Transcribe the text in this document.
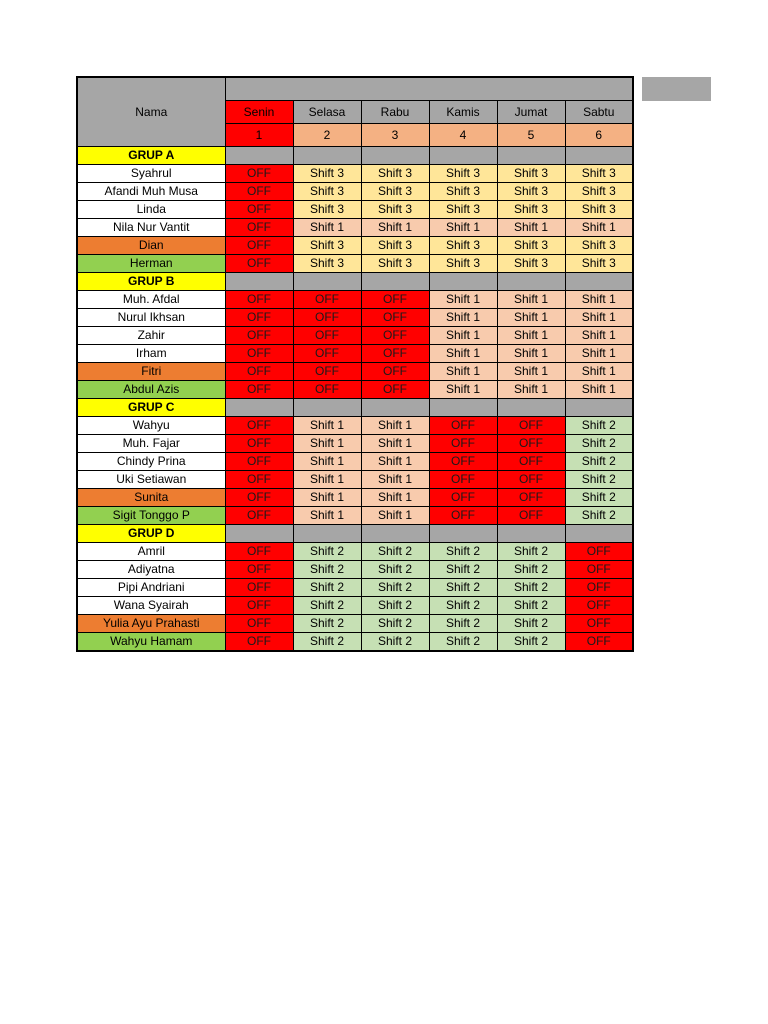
Nama						
	Senin	Selasa	Rabu	Kamis	Jumat	Sabtu
	1	2	3	4	5	6
GRUP A						
Syahrul	OFF	Shift 3	Shift 3	Shift 3	Shift 3	Shift 3
Afandi Muh Musa	OFF	Shift 3	Shift 3	Shift 3	Shift 3	Shift 3
Linda	OFF	Shift 3	Shift 3	Shift 3	Shift 3	Shift 3
Nila Nur Vantit	OFF	Shift 1	Shift 1	Shift 1	Shift 1	Shift 1
Dian	OFF	Shift 3	Shift 3	Shift 3	Shift 3	Shift 3
Herman	OFF	Shift 3	Shift 3	Shift 3	Shift 3	Shift 3
GRUP B						
Muh. Afdal	OFF	OFF	OFF	Shift 1	Shift 1	Shift 1
Nurul Ikhsan	OFF	OFF	OFF	Shift 1	Shift 1	Shift 1
Zahir	OFF	OFF	OFF	Shift 1	Shift 1	Shift 1
Irham	OFF	OFF	OFF	Shift 1	Shift 1	Shift 1
Fitri	OFF	OFF	OFF	Shift 1	Shift 1	Shift 1
Abdul Azis	OFF	OFF	OFF	Shift 1	Shift 1	Shift 1
GRUP C						
Wahyu	OFF	Shift 1	Shift 1	OFF	OFF	Shift 2
Muh. Fajar	OFF	Shift 1	Shift 1	OFF	OFF	Shift 2
Chindy Prina	OFF	Shift 1	Shift 1	OFF	OFF	Shift 2
Uki Setiawan	OFF	Shift 1	Shift 1	OFF	OFF	Shift 2
Sunita	OFF	Shift 1	Shift 1	OFF	OFF	Shift 2
Sigit Tonggo P	OFF	Shift 1	Shift 1	OFF	OFF	Shift 2
GRUP D						
Amril	OFF	Shift 2	Shift 2	Shift 2	Shift 2	OFF
Adiyatna	OFF	Shift 2	Shift 2	Shift 2	Shift 2	OFF
Pipi Andriani	OFF	Shift 2	Shift 2	Shift 2	Shift 2	OFF
Wana Syairah	OFF	Shift 2	Shift 2	Shift 2	Shift 2	OFF
Yulia Ayu Prahasti	OFF	Shift 2	Shift 2	Shift 2	Shift 2	OFF
Wahyu Hamam	OFF	Shift 2	Shift 2	Shift 2	Shift 2	OFF
